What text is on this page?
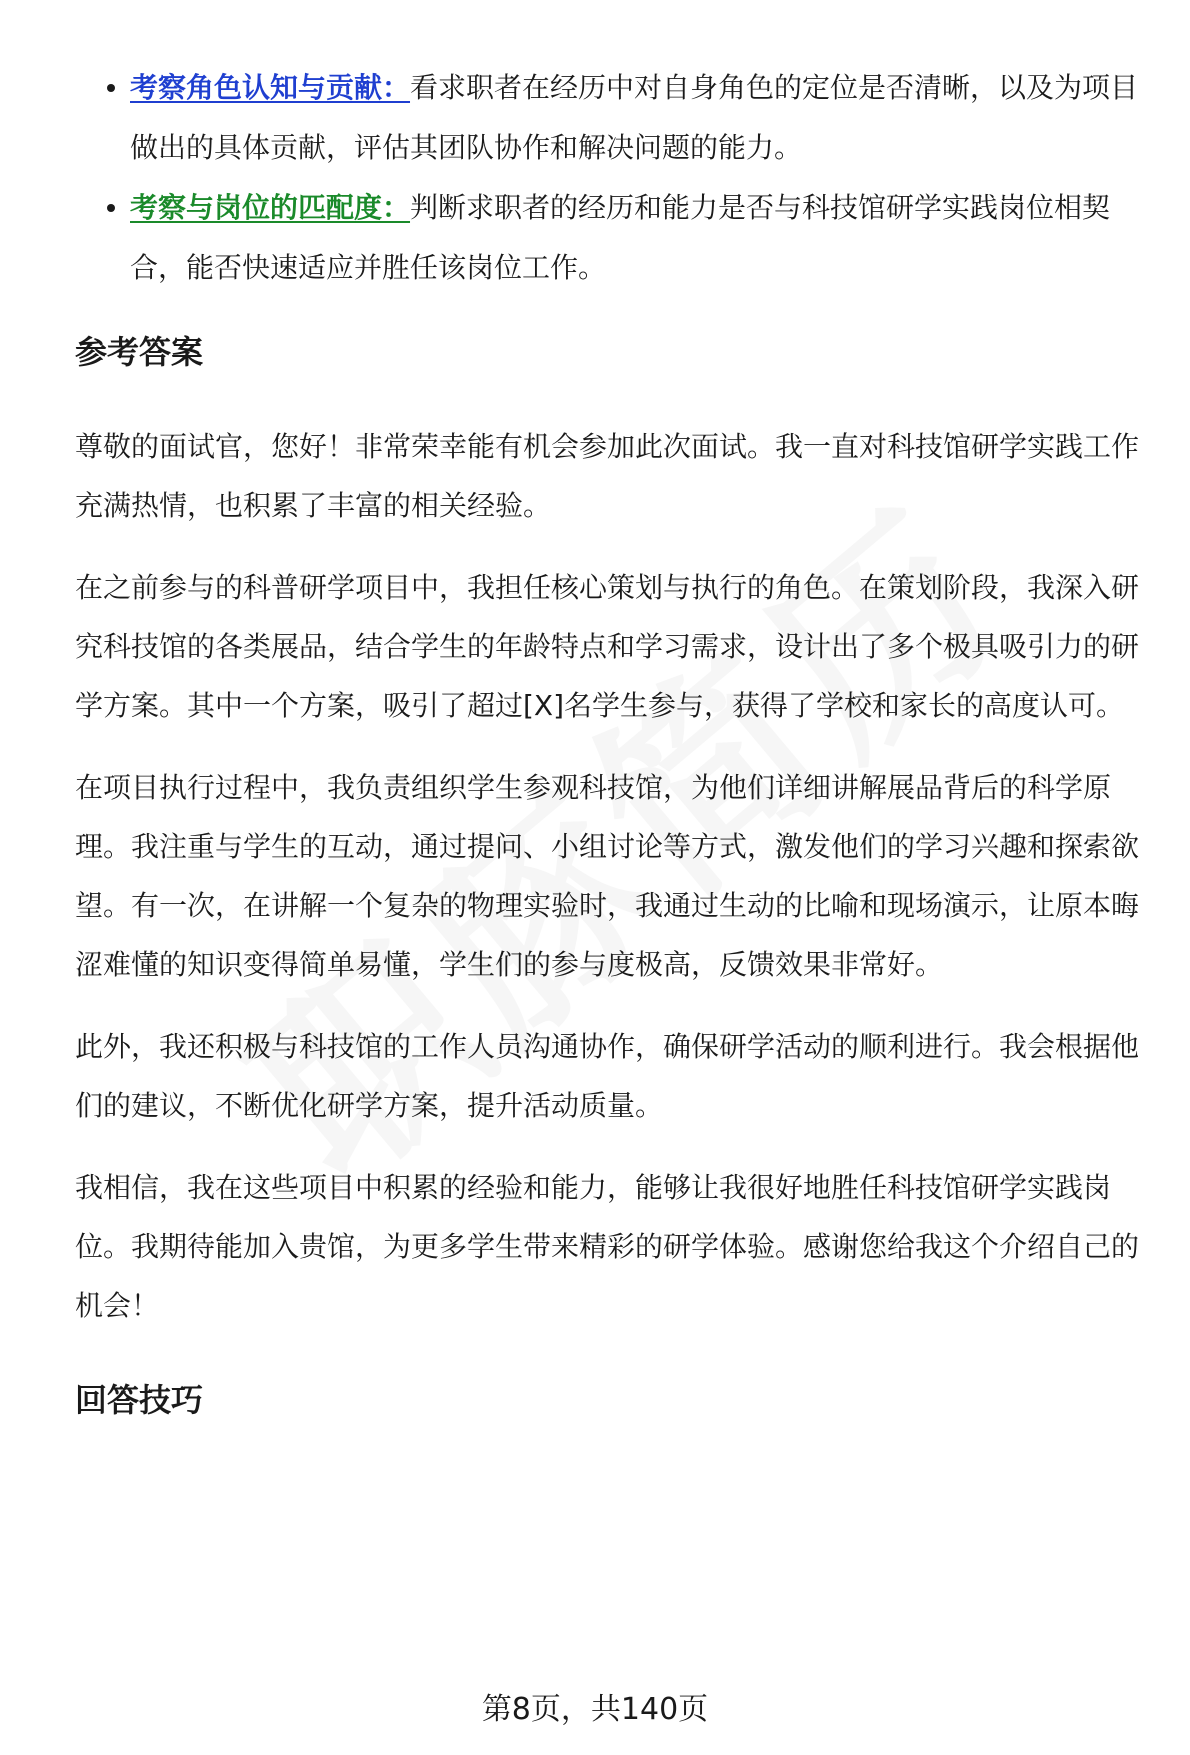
考察角色认知与贡献：看求职者在经历中对自身角色的定位是否清晰，以及为项目做出的具体贡献，评估其团队协作和解决问题的能力。
考察与岗位的匹配度：判断求职者的经历和能力是否与科技馆研学实践岗位相契合，能否快速适应并胜任该岗位工作。
参考答案

尊敬的面试官，您好！非常荣幸能有机会参加此次面试。我一直对科技馆研学实践工作充满热情，也积累了丰富的相关经验。

在之前参与的科普研学项目中，我担任核心策划与执行的角色。在策划阶段，我深入研究科技馆的各类展品，结合学生的年龄特点和学习需求，设计出了多个极具吸引力的研学方案。其中一个方案，吸引了超过[X]名学生参与，获得了学校和家长的高度认可。

在项目执行过程中，我负责组织学生参观科技馆，为他们详细讲解展品背后的科学原理。我注重与学生的互动，通过提问、小组讨论等方式，激发他们的学习兴趣和探索欲望。有一次，在讲解一个复杂的物理实验时，我通过生动的比喻和现场演示，让原本晦涩难懂的知识变得简单易懂，学生们的参与度极高，反馈效果非常好。

此外，我还积极与科技馆的工作人员沟通协作，确保研学活动的顺利进行。我会根据他们的建议，不断优化研学方案，提升活动质量。

我相信，我在这些项目中积累的经验和能力，能够让我很好地胜任科技馆研学实践岗位。我期待能加入贵馆，为更多学生带来精彩的研学体验。感谢您给我这个介绍自己的机会！

回答技巧
第8页，共140页
